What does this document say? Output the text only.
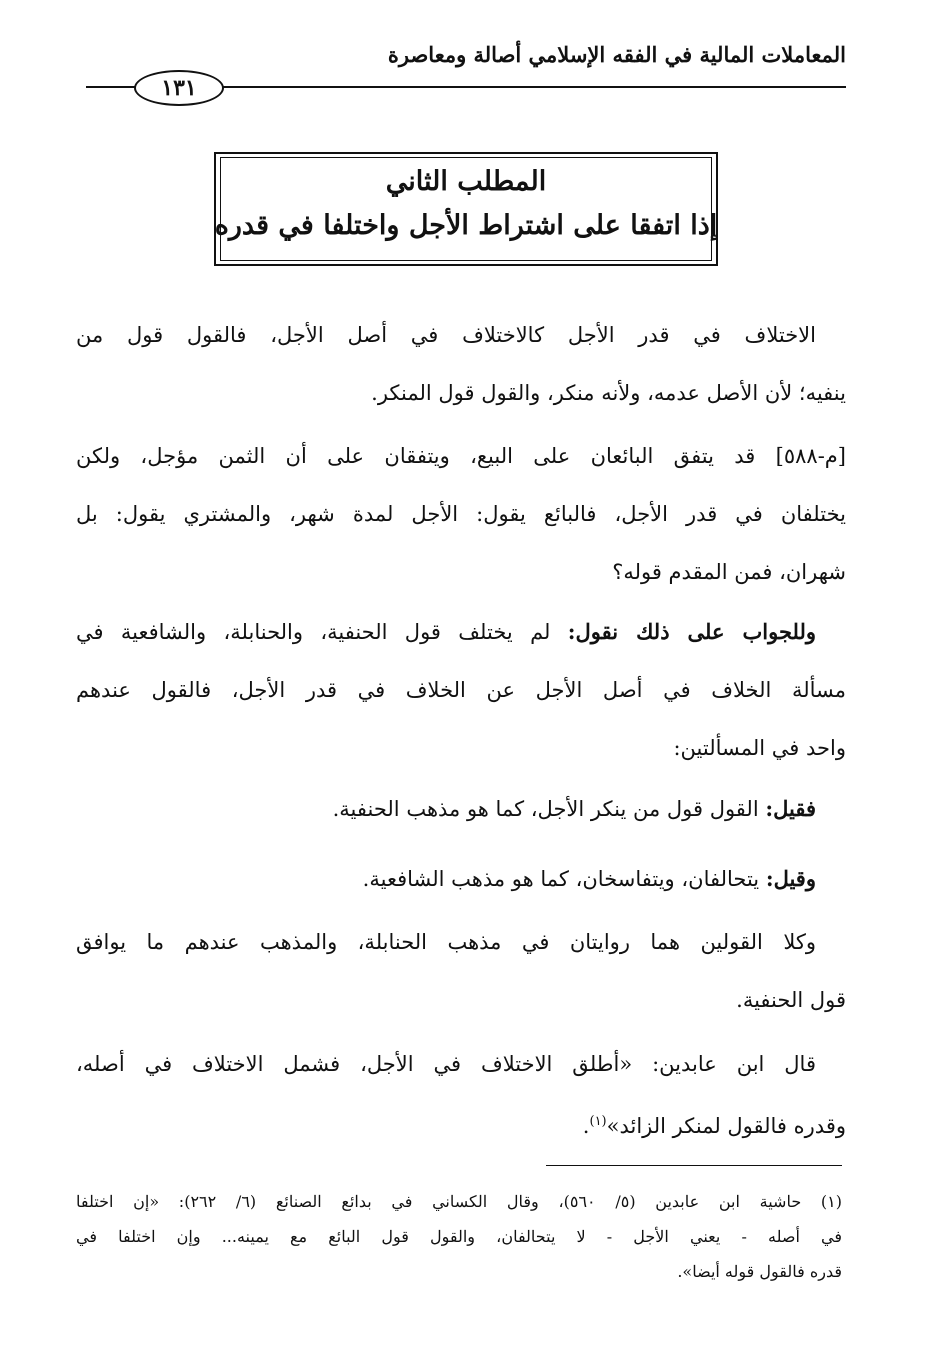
المعاملات المالية في الفقه الإسلامي أصالة ومعاصرة
١٣١
المطلب الثاني
إذا اتفقا على اشتراط الأجل واختلفا في قدره
الاختلاف في قدر الأجل كالاختلاف في أصل الأجل، فالقول قول من
ينفيه؛ لأن الأصل عدمه، ولأنه منكر، والقول قول المنكر.
[م-٥٨٨] قد يتفق البائعان على البيع، ويتفقان على أن الثمن مؤجل، ولكن
يختلفان في قدر الأجل، فالبائع يقول: الأجل لمدة شهر، والمشتري يقول: بل
شهران، فمن المقدم قوله؟
وللجواب على ذلك نقول: لم يختلف قول الحنفية، والحنابلة، والشافعية في
مسألة الخلاف في أصل الأجل عن الخلاف في قدر الأجل، فالقول عندهم
واحد في المسألتين:
فقيل: القول قول من ينكر الأجل، كما هو مذهب الحنفية.
وقيل: يتحالفان، ويتفاسخان، كما هو مذهب الشافعية.
وكلا القولين هما روايتان في مذهب الحنابلة، والمذهب عندهم ما يوافق
قول الحنفية.
قال ابن عابدين: «أطلق الاختلاف في الأجل، فشمل الاختلاف في أصله،
وقدره فالقول لمنكر الزائد»$^{(١)}$.
(١) حاشية ابن عابدين (٥/ ٥٦٠)، وقال الكساني في بدائع الصنائع (٦/ ٢٦٢): «إن اختلفا
في أصله - يعني الأجل - لا يتحالفان، والقول قول البائع مع يمينه... وإن اختلفا في
قدره فالقول قوله أيضا».
